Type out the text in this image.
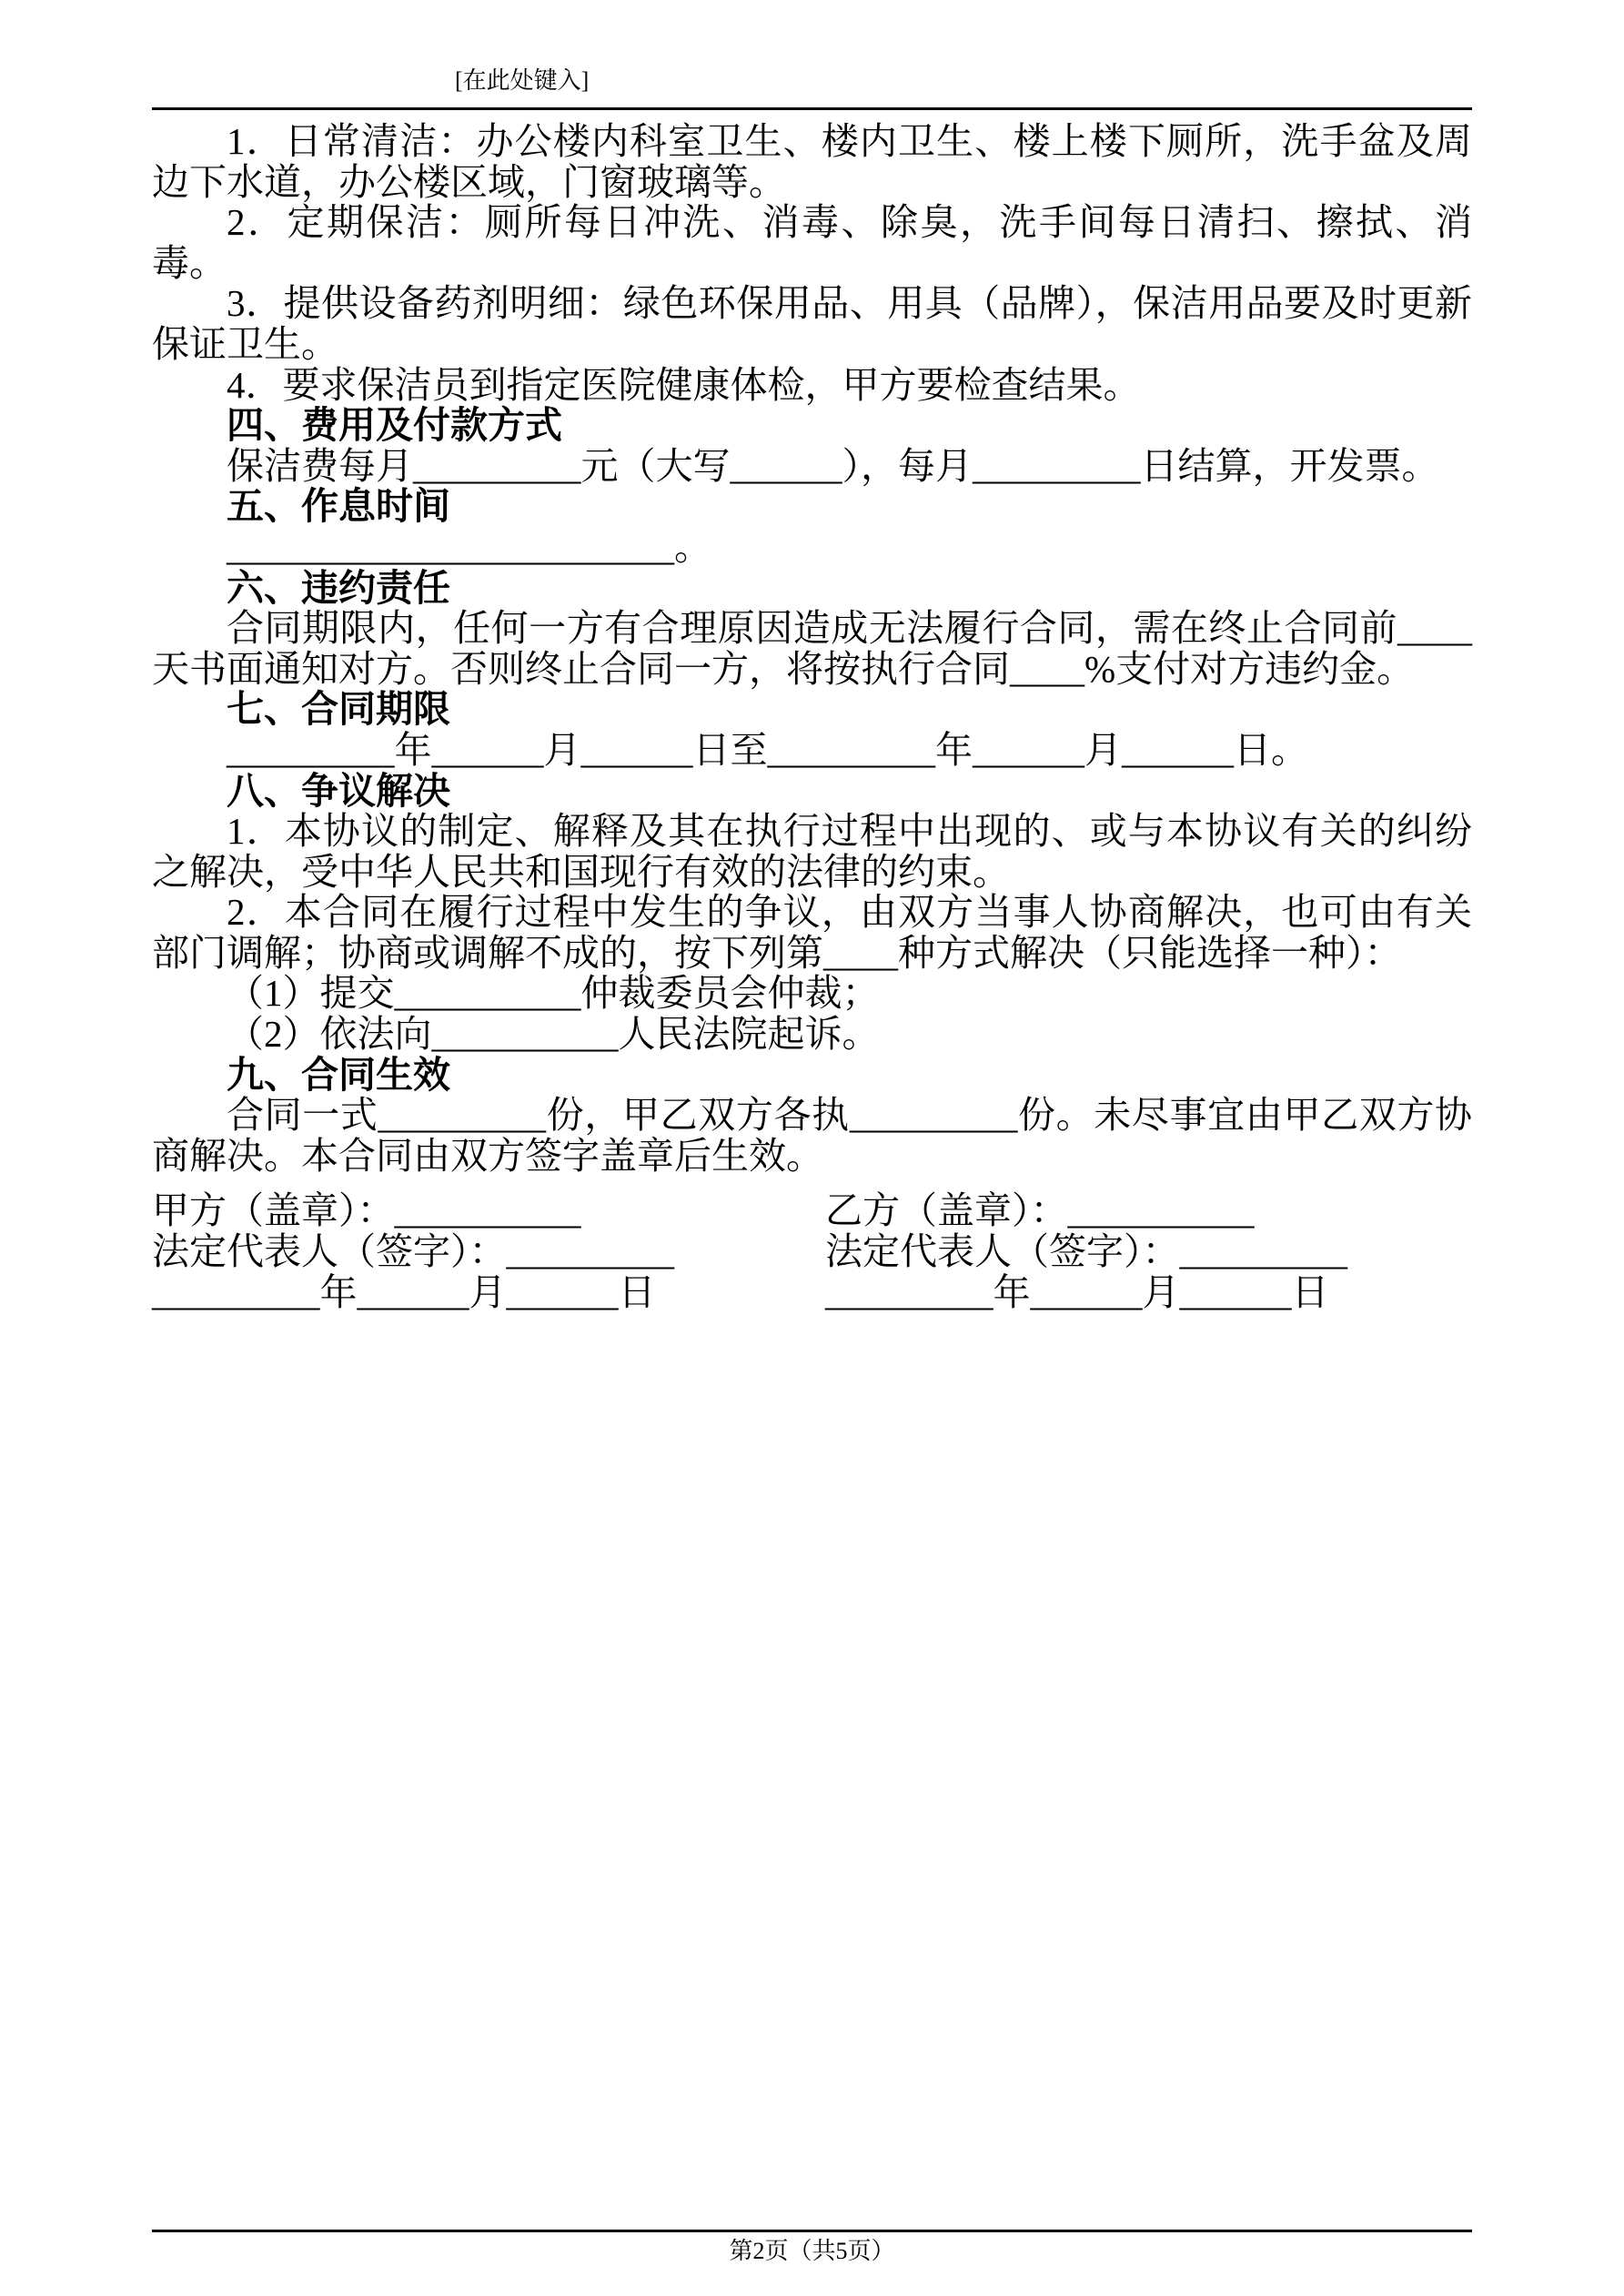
[在此处键入]
1．日常清洁：办公楼内科室卫生、楼内卫生、楼上楼下厕所，洗手盆及周边下水道，办公楼区域，门窗玻璃等。
2．定期保洁：厕所每日冲洗、消毒、除臭，洗手间每日清扫、擦拭、消毒。
3．提供设备药剂明细：绿色环保用品、用具（品牌），保洁用品要及时更新保证卫生。
4．要求保洁员到指定医院健康体检，甲方要检查结果。
四、费用及付款方式
保洁费每月_________元（大写______），每月_________日结算，开发票。
五、作息时间
________________________。
六、违约责任
合同期限内，任何一方有合理原因造成无法履行合同，需在终止合同前____天书面通知对方。否则终止合同一方，将按执行合同____%支付对方违约金。
七、合同期限
_________年______月______日至_________年______月______日。
八、争议解决
1．本协议的制定、解释及其在执行过程中出现的、或与本协议有关的纠纷之解决，受中华人民共和国现行有效的法律的约束。
2．本合同在履行过程中发生的争议，由双方当事人协商解决，也可由有关部门调解；协商或调解不成的，按下列第____种方式解决（只能选择一种）：
（1）提交__________仲裁委员会仲裁；
（2）依法向__________人民法院起诉。
九、合同生效
合同一式_________份，甲乙双方各执_________份。未尽事宜由甲乙双方协商解决。本合同由双方签字盖章后生效。
甲方（盖章）：__________	乙方（盖章）：__________
法定代表人（签字）：_________	法定代表人（签字）：_________
_________年______月______日	_________年______月______日
第2页（共5页）
